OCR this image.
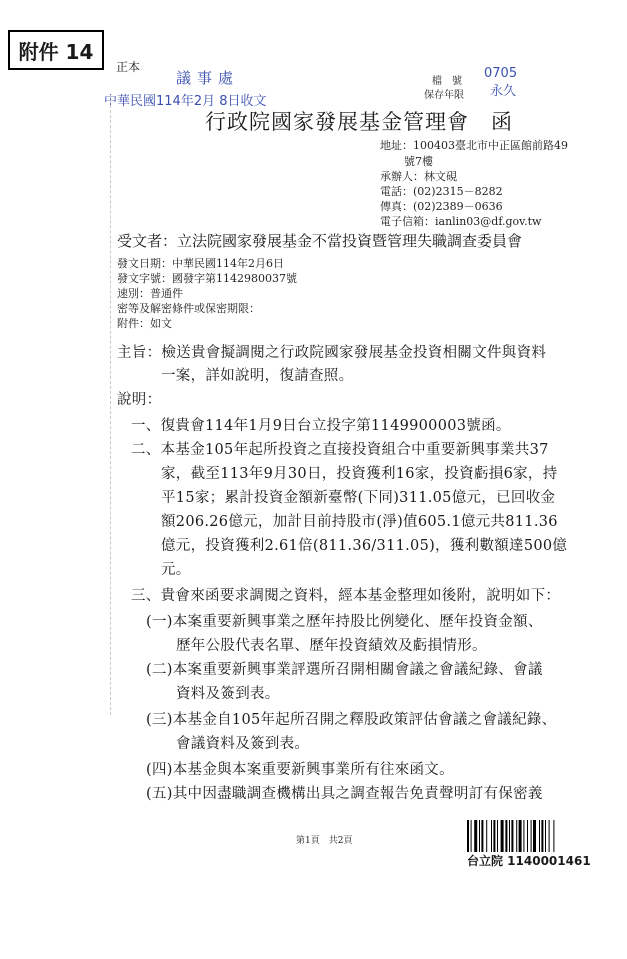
附件 14
正本
議事處
中華民國114年2月 8日收文
檔　號
0705
保存年限 永久
行政院國家發展基金管理會　函
地址：100403臺北市中正區館前路49
號7樓
承辦人：林文硯
電話：(02)2315－8282
傳真：(02)2389－0636
電子信箱：ianlin03@df.gov.tw
受文者：立法院國家發展基金不當投資暨管理失職調查委員會
發文日期：中華民國114年2月6日
發文字號：國發字第1142980037號
速別：普通件
密等及解密條件或保密期限：
附件：如文
主旨：檢送貴會擬調閱之行政院國家發展基金投資相關文件與資料
一案，詳如說明，復請查照。
說明：
一、復貴會114年1月9日台立投字第1149900003號函。
二、本基金105年起所投資之直接投資組合中重要新興事業共37
家，截至113年9月30日，投資獲利16家，投資虧損6家，持
平15家；累計投資金額新臺幣(下同)311.05億元，已回收金
額206.26億元，加計目前持股市(淨)值605.1億元共811.36
億元，投資獲利2.61倍(811.36/311.05)，獲利數額達500億
元。
三、貴會來函要求調閱之資料，經本基金整理如後附，說明如下：
(一)本案重要新興事業之歷年持股比例變化、歷年投資金額、
歷年公股代表名單、歷年投資績效及虧損情形。
(二)本案重要新興事業評選所召開相關會議之會議紀錄、會議
資料及簽到表。
(三)本基金自105年起所召開之釋股政策評估會議之會議紀錄、
會議資料及簽到表。
(四)本基金與本案重要新興事業所有往來函文。
(五)其中因盡職調查機構出具之調查報告免責聲明訂有保密義
第1頁　共2頁
台立院 1140001461
